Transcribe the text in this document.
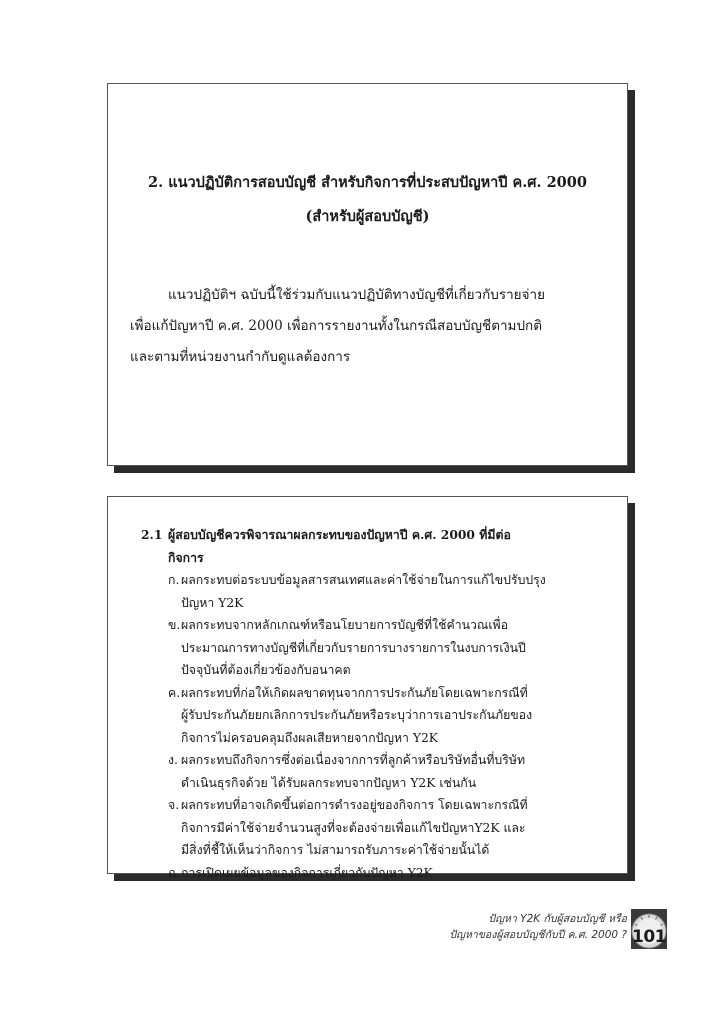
2. แนวปฏิบัติการสอบบัญชี สำหรับกิจการที่ประสบปัญหาปี ค.ศ. 2000
(สำหรับผู้สอบบัญชี)
แนวปฏิบัติฯ ฉบับนี้ใช้ร่วมกับแนวปฏิบัติทางบัญชีที่เกี่ยวกับรายจ่าย
เพื่อแก้ปัญหาปี ค.ศ. 2000 เพื่อการรายงานทั้งในกรณีสอบบัญชีตามปกติ
และตามที่หน่วยงานกำกับดูแลต้องการ
2.1 ผู้สอบบัญชีควรพิจารณาผลกระทบของปัญหาปี ค.ศ. 2000 ที่มีต่อ
กิจการ
ก. ผลกระทบต่อระบบข้อมูลสารสนเทศและค่าใช้จ่ายในการแก้ไขปรับปรุง
ปัญหา Y2K
ข. ผลกระทบจากหลักเกณฑ์หรือนโยบายการบัญชีที่ใช้คำนวณเพื่อ
ประมาณการทางบัญชีที่เกี่ยวกับรายการบางรายการในงบการเงินปี
ปัจจุบันที่ต้องเกี่ยวข้องกับอนาคต
ค. ผลกระทบที่ก่อให้เกิดผลขาดทุนจากการประกันภัยโดยเฉพาะกรณีที่
ผู้รับประกันภัยยกเลิกการประกันภัยหรือระบุว่าการเอาประกันภัยของ
กิจการไม่ครอบคลุมถึงผลเสียหายจากปัญหา Y2K
ง. ผลกระทบถึงกิจการซึ่งต่อเนื่องจากการที่ลูกค้าหรือบริษัทอื่นที่บริษัท
ดำเนินธุรกิจด้วย ได้รับผลกระทบจากปัญหา Y2K เช่นกัน
จ. ผลกระทบที่อาจเกิดขึ้นต่อการดำรงอยู่ของกิจการ โดยเฉพาะกรณีที่
กิจการมีค่าใช้จ่ายจำนวนสูงที่จะต้องจ่ายเพื่อแก้ไขปัญหาY2K และ
มีสิ่งที่ชี้ให้เห็นว่ากิจการ ไม่สามารถรับภาระค่าใช้จ่ายนั้นได้
ฉ. การเปิดเผยข้อมูลของกิจการเกี่ยวกับปัญหา Y2K
ปัญหา Y2K กับผู้สอบบัญชี หรือ
ปัญหาของผู้สอบบัญชีกับปี ค.ศ. 2000 ? 101
